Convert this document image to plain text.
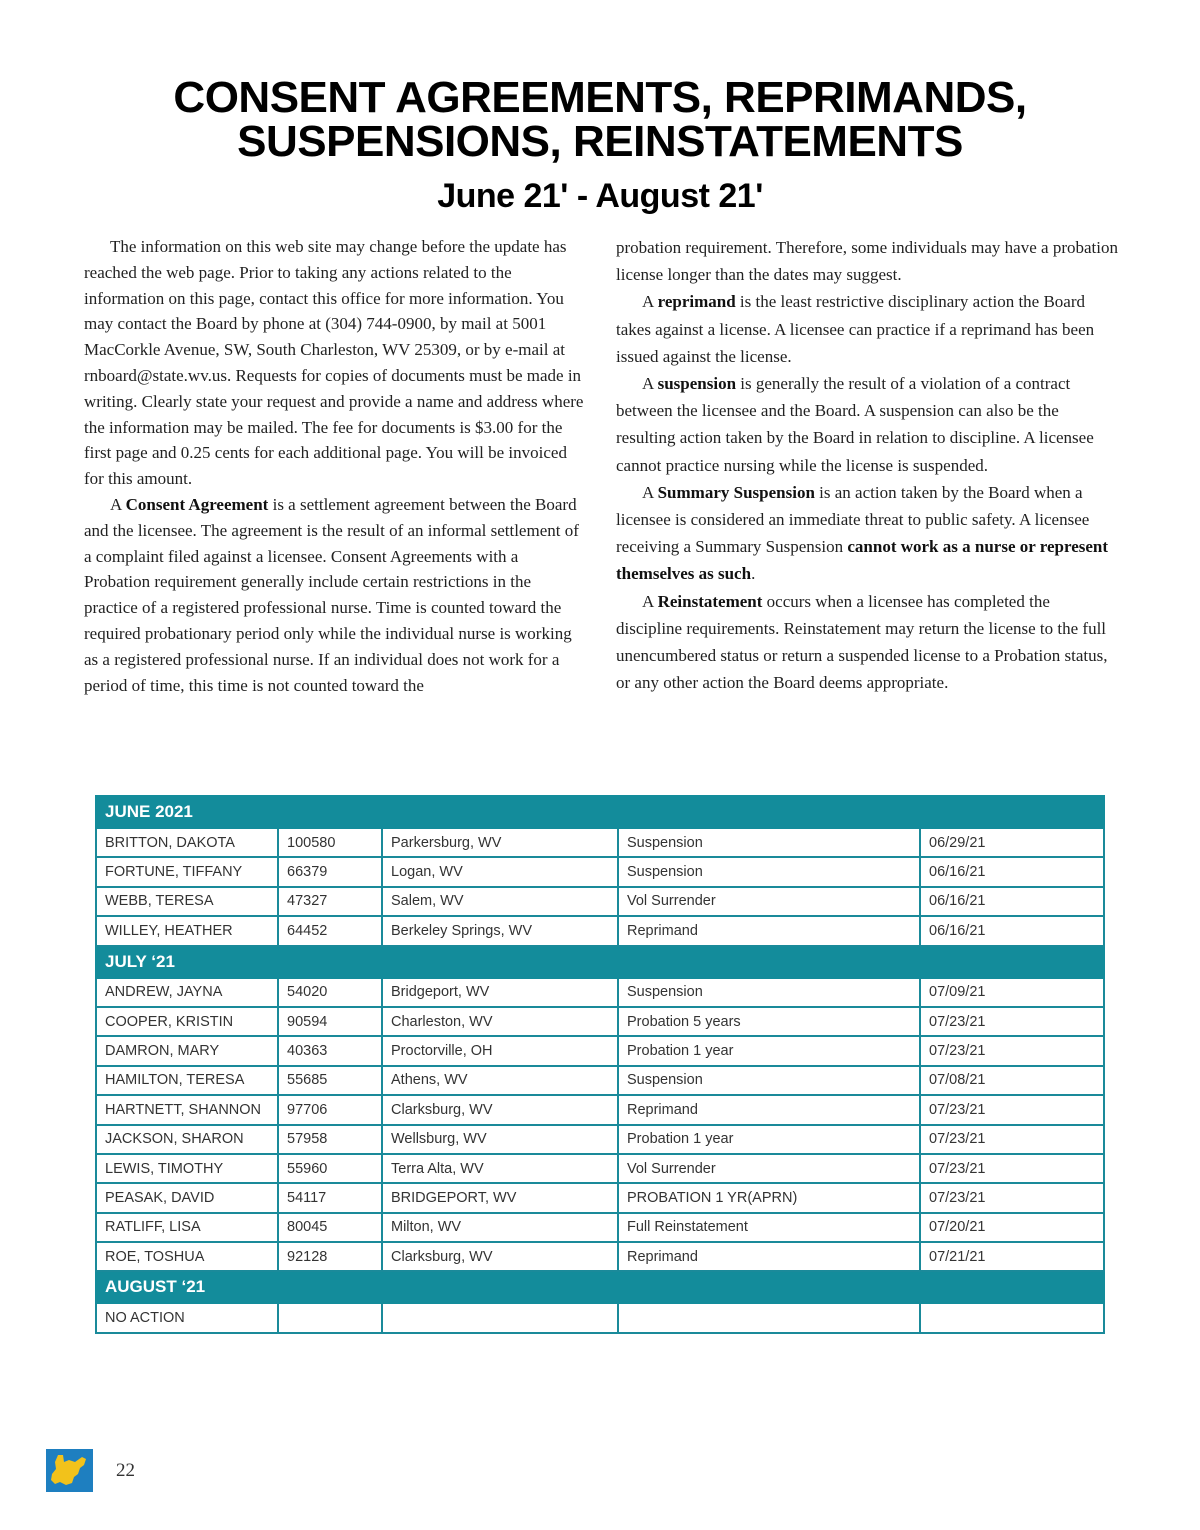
CONSENT AGREEMENTS, REPRIMANDS,
SUSPENSIONS, REINSTATEMENTS
June 21' - August 21'

The information on this web site may change before the update has reached the web page. Prior to taking any actions related to the information on this page, contact this office for more information. You may contact the Board by phone at (304) 744-0900, by mail at 5001 MacCorkle Avenue, SW, South Charleston, WV 25309, or by e-mail at rnboard@state.wv.us. Requests for copies of documents must be made in writing. Clearly state your request and provide a name and address where the information may be mailed. The fee for documents is $3.00 for the first page and 0.25 cents for each additional page. You will be invoiced for this amount.

A Consent Agreement is a settlement agreement between the Board and the licensee. The agreement is the result of an informal settlement of a complaint filed against a licensee. Consent Agreements with a Probation requirement generally include certain restrictions in the practice of a registered professional nurse. Time is counted toward the required probationary period only while the individual nurse is working as a registered professional nurse. If an individual does not work for a period of time, this time is not counted toward the

probation requirement. Therefore, some individuals may have a probation license longer than the dates may suggest.

A reprimand is the least restrictive disciplinary action the Board takes against a license. A licensee can practice if a reprimand has been issued against the license.

A suspension is generally the result of a violation of a contract between the licensee and the Board. A suspension can also be the resulting action taken by the Board in relation to discipline. A licensee cannot practice nursing while the license is suspended.

A Summary Suspension is an action taken by the Board when a licensee is considered an immediate threat to public safety. A licensee receiving a Summary Suspension cannot work as a nurse or represent themselves as such.

A Reinstatement occurs when a licensee has completed the discipline requirements. Reinstatement may return the license to the full unencumbered status or return a suspended license to a Probation status, or any other action the Board deems appropriate.

JUNE 2021				
BRITTON, DAKOTA	100580	Parkersburg, WV	Suspension	06/29/21
FORTUNE, TIFFANY	66379	Logan, WV	Suspension	06/16/21
WEBB, TERESA	47327	Salem, WV	Vol Surrender	06/16/21
WILLEY, HEATHER	64452	Berkeley Springs, WV	Reprimand	06/16/21
JULY ‘21				
ANDREW, JAYNA	54020	Bridgeport, WV	Suspension	07/09/21
COOPER, KRISTIN	90594	Charleston, WV	Probation 5 years	07/23/21
DAMRON, MARY	40363	Proctorville, OH	Probation 1 year	07/23/21
HAMILTON, TERESA	55685	Athens, WV	Suspension	07/08/21
HARTNETT, SHANNON	97706	Clarksburg, WV	Reprimand	07/23/21
JACKSON, SHARON	57958	Wellsburg, WV	Probation 1 year	07/23/21
LEWIS, TIMOTHY	55960	Terra Alta, WV	Vol Surrender	07/23/21
PEASAK, DAVID	54117	BRIDGEPORT, WV	PROBATION 1 YR(APRN)	07/23/21
RATLIFF, LISA	80045	Milton, WV	Full Reinstatement	07/20/21
ROE, TOSHUA	92128	Clarksburg, WV	Reprimand	07/21/21
AUGUST ‘21				
NO ACTION				
22
